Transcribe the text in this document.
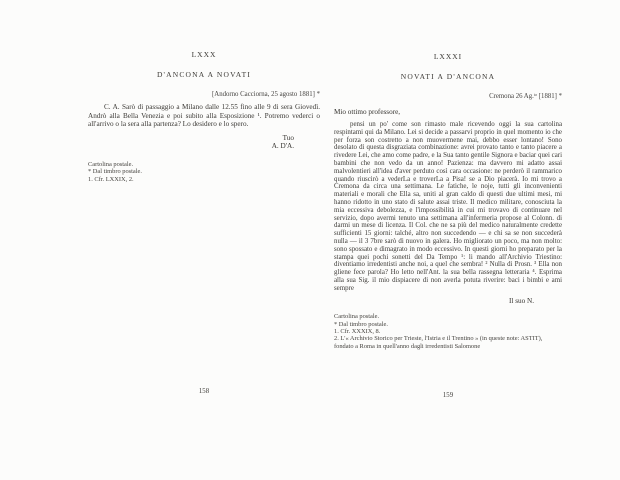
LXXX
D'ANCONA A NOVATI
[Andorno Cacciorna, 25 agosto 1881] *

C. A. Sarò di passaggio a Milano dalle 12.55 fino alle 9 di sera Giovedì. Andrò alla Bella Venezia e poi subito alla Esposizione ¹. Potremo vederci o all'arrivo o la sera alla partenza? Lo desidero e lo spero.

Tuo
A. D'A.
Cartolina postale.
* Dal timbro postale.
1. Cfr. LXXIX, 2.
LXXXI
NOVATI A D'ANCONA
Cremona 26 Ag.ᵗᵒ [1881] *
Mio ottimo professore,

pensi un po' come son rimasto male ricevendo oggi la sua cartolina respintami qui da Milano. Lei si decide a passarvi proprio in quel momento io che per forza son costretto a non muovermene mai, debbo esser lontano! Sono desolato di questa disgraziata combinazione: avrei provato tanto e tanto piacere a rivedere Lei, che amo come padre, e la Sua tanto gentile Signora e baciar quei cari bambini che non vedo da un anno! Pazienza: ma davvero mi adatto assai malvolentieri all'idea d'aver perduto così cara occasione: ne perderò il rammarico quando riuscirò a vederLa e troverLa a Pisa! se a Dio piacerà. Io mi trovo a Cremona da circa una settimana. Le fatiche, le noje, tutti gli inconvenienti materiali e morali che Ella sa, uniti al gran caldo di questi due ultimi mesi, mi hanno ridotto in uno stato di salute assai triste. Il medico militare, conosciuta la mia eccessiva debolezza, e l'impossibilità in cui mi trovavo di continuare nel servizio, dopo avermi tenuto una settimana all'infermeria propose al Colonn. di darmi un mese di licenza. Il Col. che ne sa più del medico naturalmente credette sufficienti 15 giorni: talché, altro non succedendo — e chi sa se non succederà nulla — il 3 7bre sarò di nuovo in galera. Ho migliorato un poco, ma non molto: sono spossato e dimagrato in modo eccessivo. In questi giorni ho preparato per la stampa quei pochi sonetti del Da Tempo ¹: li mando all'Archivio Triestino: diventiamo irredentisti anche noi, a quel che sembra! ² Nulla di Prosn. ³ Ella non gliene fece parola? Ho letto nell'Ant. la sua bella rassegna letteraria ⁴. Esprima alla sua Sig. il mio dispiacere di non averla potuta riverire: baci i bimbi e ami sempre

Il suo N.
Cartolina postale.
* Dal timbro postale.
1. Cfr. XXXIX, 8.
2. L'« Archivio Storico per Trieste, l'Istria e il Trentino » (in queste note: ASTIT), fondato a Roma in quell'anno dagli irredentisti Salomone
158
159
